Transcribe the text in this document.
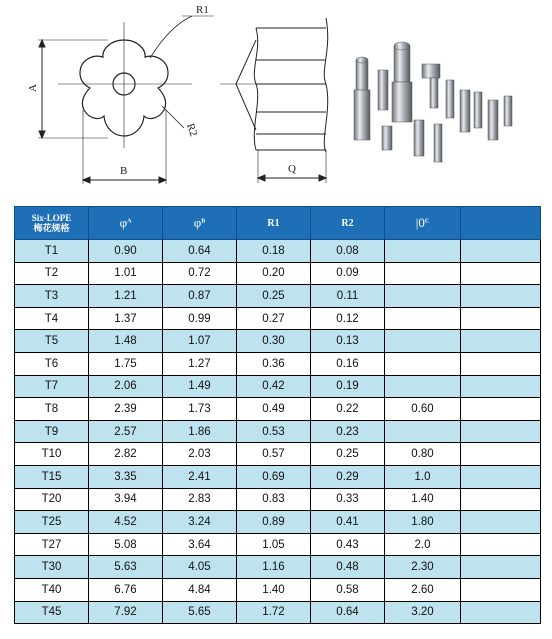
R1
R2
A
B	Q
Six-LOPE
梅花规格	$\varphi^A$	$\varphi^B$	R1	R2	$|0^C$	
T1	0.90	0.64	0.18	0.08		
T2	1.01	0.72	0.20	0.09		
T3	1.21	0.87	0.25	0.11		
T4	1.37	0.99	0.27	0.12		
T5	1.48	1.07	0.30	0.13		
T6	1.75	1.27	0.36	0.16		
T7	2.06	1.49	0.42	0.19		
T8	2.39	1.73	0.49	0.22	0.60	
T9	2.57	1.86	0.53	0.23		
T10	2.82	2.03	0.57	0.25	0.80	
T15	3.35	2.41	0.69	0.29	1.0	
T20	3.94	2.83	0.83	0.33	1.40	
T25	4.52	3.24	0.89	0.41	1.80	
T27	5.08	3.64	1.05	0.43	2.0	
T30	5.63	4.05	1.16	0.48	2.30	
T40	6.76	4.84	1.40	0.58	2.60	
T45	7.92	5.65	1.72	0.64	3.20	
